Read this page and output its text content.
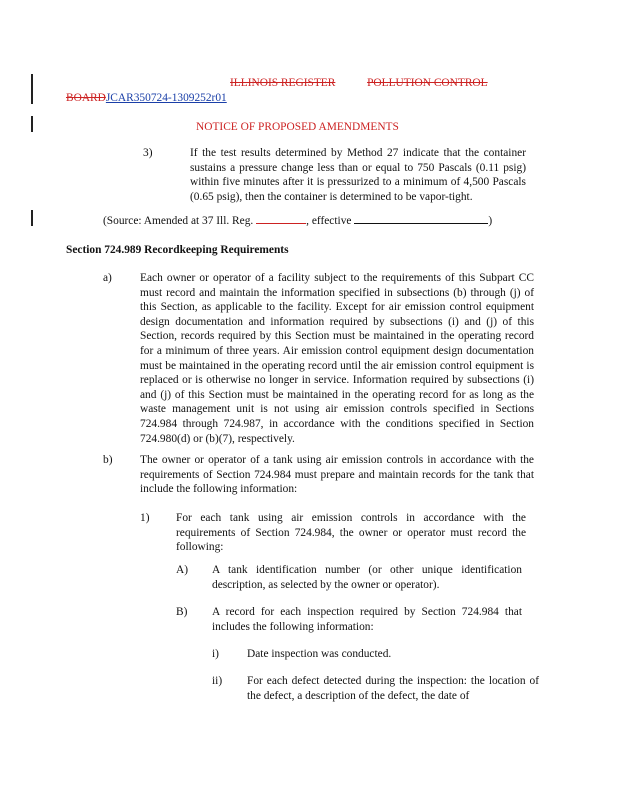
ILLINOIS REGISTER	POLLUTION CONTROL
BOARDJCAR350724-1309252r01
NOTICE OF PROPOSED AMENDMENTS
3)	If the test results determined by Method 27 indicate that the container sustains a pressure change less than or equal to 750 Pascals (0.11 psig) within five minutes after it is pressurized to a minimum of 4,500 Pascals (0.65 psig), then the container is determined to be vapor-tight.
(Source: Amended at 37 Ill. Reg.	, effective	)
Section 724.989 Recordkeeping Requirements
a) Each owner or operator of a facility subject to the requirements of this Subpart CC must record and maintain the information specified in subsections (b) through (j) of this Section, as applicable to the facility. Except for air emission control equipment design documentation and information required by subsections (i) and (j) of this Section, records required by this Section must be maintained in the operating record for a minimum of three years. Air emission control equipment design documentation must be maintained in the operating record until the air emission control equipment is replaced or is otherwise no longer in service. Information required by subsections (i) and (j) of this Section must be maintained in the operating record for as long as the waste management unit is not using air emission controls specified in Sections 724.984 through 724.987, in accordance with the conditions specified in Section 724.980(d) or (b)(7), respectively.
b) The owner or operator of a tank using air emission controls in accordance with the requirements of Section 724.984 must prepare and maintain records for the tank that include the following information:
1) For each tank using air emission controls in accordance with the requirements of Section 724.984, the owner or operator must record the following:
A) A tank identification number (or other unique identification description, as selected by the owner or operator).
B) A record for each inspection required by Section 724.984 that includes the following information:
i) Date inspection was conducted.
ii) For each defect detected during the inspection: the location of the defect, a description of the defect, the date of
